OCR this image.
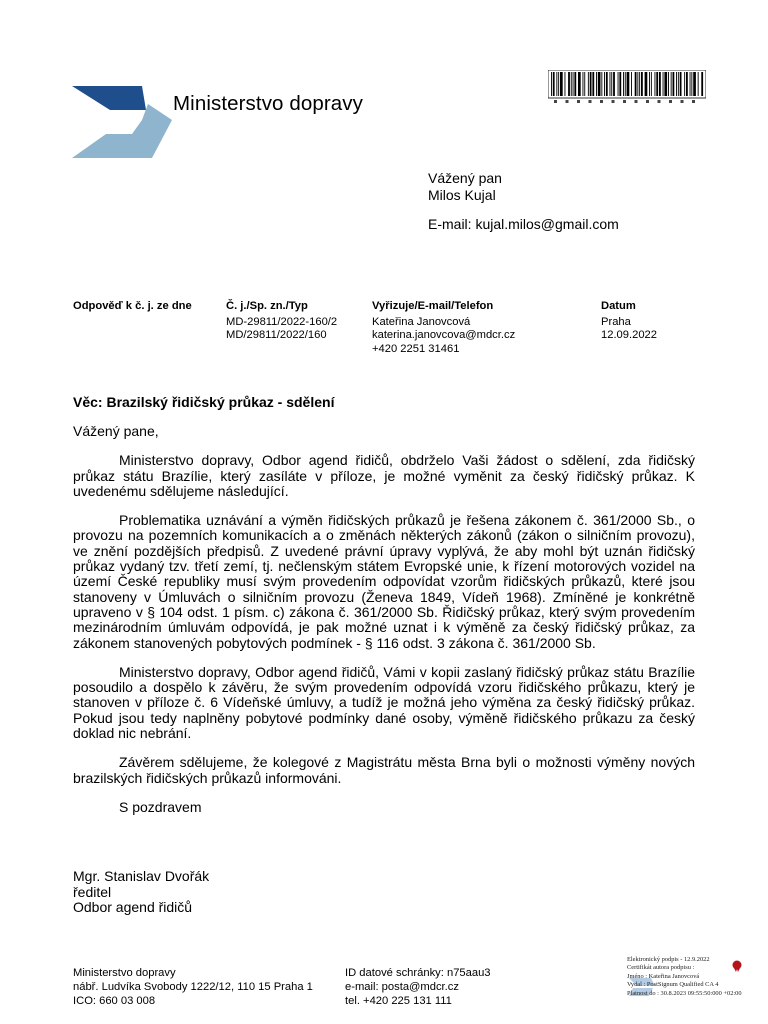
Ministerstvo dopravy
Vážený pan
Milos Kujal
E-mail: kujal.milos@gmail.com
Odpověď k č. j. ze dne	Č. j./Sp. zn./Typ
MD-29811/2022-160/2
MD/29811/2022/160
Vyřizuje/E-mail/Telefon
Kateřina Janovcová
katerina.janovcova@mdcr.cz
+420 2251 31461
Datum
Praha
12.09.2022
Věc: Brazilský řidičský průkaz - sdělení

Vážený pane,

Ministerstvo dopravy, Odbor agend řidičů, obdrželo Vaši žádost o sdělení, zda řidičský průkaz státu Brazílie, který zasíláte v příloze, je možné vyměnit za český řidičský průkaz. K uvedenému sdělujeme následující.

Problematika uznávání a výměn řidičských průkazů je řešena zákonem č. 361/2000 Sb., o provozu na pozemních komunikacích a o změnách některých zákonů (zákon o silničním provozu), ve znění pozdějších předpisů. Z uvedené právní úpravy vyplývá, že aby mohl být uznán řidičský průkaz vydaný tzv. třetí zemí, tj. nečlenským státem Evropské unie, k řízení motorových vozidel na území České republiky musí svým provedením odpovídat vzorům řidičských průkazů, které jsou stanoveny v Úmluvách o silničním provozu (Ženeva 1849, Vídeň 1968). Zmíněné je konkrétně upraveno v § 104 odst. 1 písm. c) zákona č. 361/2000 Sb. Řidičský průkaz, který svým provedením mezinárodním úmluvám odpovídá, je pak možné uznat i k výměně za český řidičský průkaz, za zákonem stanovených pobytových podmínek - § 116 odst. 3 zákona č. 361/2000 Sb.

Ministerstvo dopravy, Odbor agend řidičů, Vámi v kopii zaslaný řidičský průkaz státu Brazílie posoudilo a dospělo k závěru, že svým provedením odpovídá vzoru řidičského průkazu, který je stanoven v příloze č. 6 Vídeňské úmluvy, a tudíž je možná jeho výměna za český řidičský průkaz. Pokud jsou tedy naplněny pobytové podmínky dané osoby, výměně řidičského průkazu za český doklad nic nebrání.

Závěrem sdělujeme, že kolegové z Magistrátu města Brna byli o možnosti výměny nových brazilských řidičských průkazů informováni.

S pozdravem

Mgr. Stanislav Dvořák
ředitel
Odbor agend řidičů
Ministerstvo dopravy
nábř. Ludvíka Svobody 1222/12, 110 15 Praha 1
ICO: 660 03 008
ID datové schránky: n75aau3
e-mail: posta@mdcr.cz
tel. +420 225 131 111
Elektronický podpis - 12.9.2022
Certifikát autora podpisu :
Jméno : Kateřina Janovcová
Vydal : PostSignum Qualified CA 4
Platnost do : 30.8.2023 09:55:50:000 +02:00
